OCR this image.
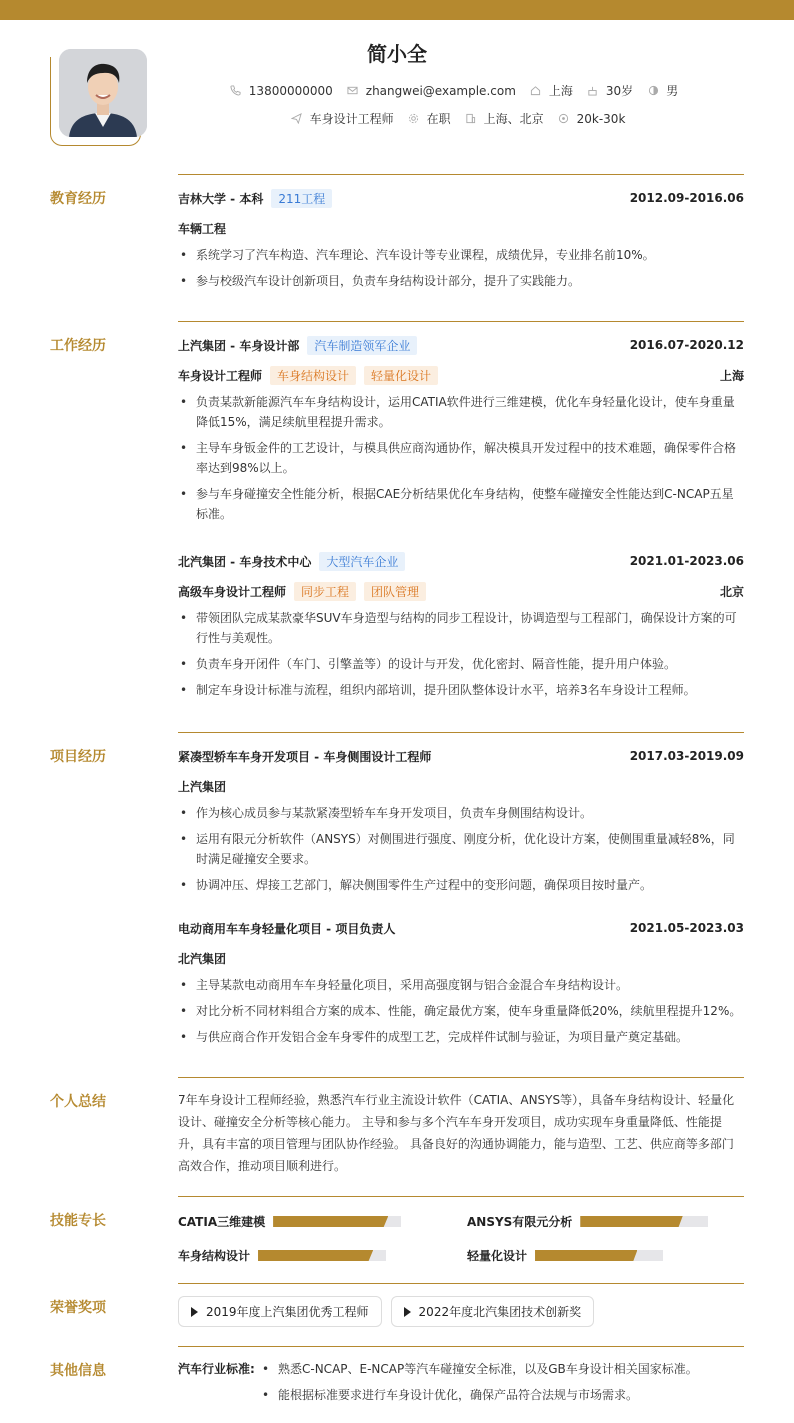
简小全
13800000000	zhangwei@example.com	上海	30岁	男
车身设计工程师	在职	上海、北京	20k-30k
教育经历	吉林大学 - 本科	211工程	2012.09-2016.06
车辆工程
• 系统学习了汽车构造、汽车理论、汽车设计等专业课程，成绩优异，专业排名前10%。
• 参与校级汽车设计创新项目，负责车身结构设计部分，提升了实践能力。
工作经历	上汽集团 - 车身设计部	汽车制造领军企业	2016.07-2020.12
车身设计工程师	车身结构设计	轻量化设计	上海
• 负责某款新能源汽车车身结构设计，运用CATIA软件进行三维建模，优化车身轻量化设计，使车身重量降低15%，满足续航里程提升需求。
• 主导车身钣金件的工艺设计，与模具供应商沟通协作，解决模具开发过程中的技术难题，确保零件合格率达到98%以上。
• 参与车身碰撞安全性能分析，根据CAE分析结果优化车身结构，使整车碰撞安全性能达到C-NCAP五星标准。
北汽集团 - 车身技术中心	大型汽车企业	2021.01-2023.06
高级车身设计工程师	同步工程	团队管理	北京
• 带领团队完成某款豪华SUV车身造型与结构的同步工程设计，协调造型与工程部门，确保设计方案的可行性与美观性。
• 负责车身开闭件（车门、引擎盖等）的设计与开发，优化密封、隔音性能，提升用户体验。
• 制定车身设计标准与流程，组织内部培训，提升团队整体设计水平，培养3名车身设计工程师。
项目经历	紧凑型轿车车身开发项目 - 车身侧围设计工程师	2017.03-2019.09
上汽集团
• 作为核心成员参与某款紧凑型轿车车身开发项目，负责车身侧围结构设计。
• 运用有限元分析软件（ANSYS）对侧围进行强度、刚度分析，优化设计方案，使侧围重量减轻8%，同时满足碰撞安全要求。
• 协调冲压、焊接工艺部门，解决侧围零件生产过程中的变形问题，确保项目按时量产。
电动商用车车身轻量化项目 - 项目负责人	2021.05-2023.03
北汽集团
• 主导某款电动商用车车身轻量化项目，采用高强度钢与铝合金混合车身结构设计。
• 对比分析不同材料组合方案的成本、性能，确定最优方案，使车身重量降低20%，续航里程提升12%。
• 与供应商合作开发铝合金车身零件的成型工艺，完成样件试制与验证，为项目量产奠定基础。
个人总结	7年车身设计工程师经验，熟悉汽车行业主流设计软件（CATIA、ANSYS等），具备车身结构设计、轻量化设计、碰撞安全分析等核心能力。 主导和参与多个汽车车身开发项目，成功实现车身重量降低、性能提升，具有丰富的项目管理与团队协作经验。 具备良好的沟通协调能力，能与造型、工艺、供应商等多部门高效合作，推动项目顺利进行。
技能专长	CATIA三维建模	ANSYS有限元分析
车身结构设计	轻量化设计
荣誉奖项	2019年度上汽集团优秀工程师	2022年度北汽集团技术创新奖
其他信息	汽车行业标准:
•	熟悉C-NCAP、E-NCAP等汽车碰撞安全标准，以及GB车身设计相关国家标准。
• 能根据标准要求进行车身设计优化，确保产品符合法规与市场需求。
